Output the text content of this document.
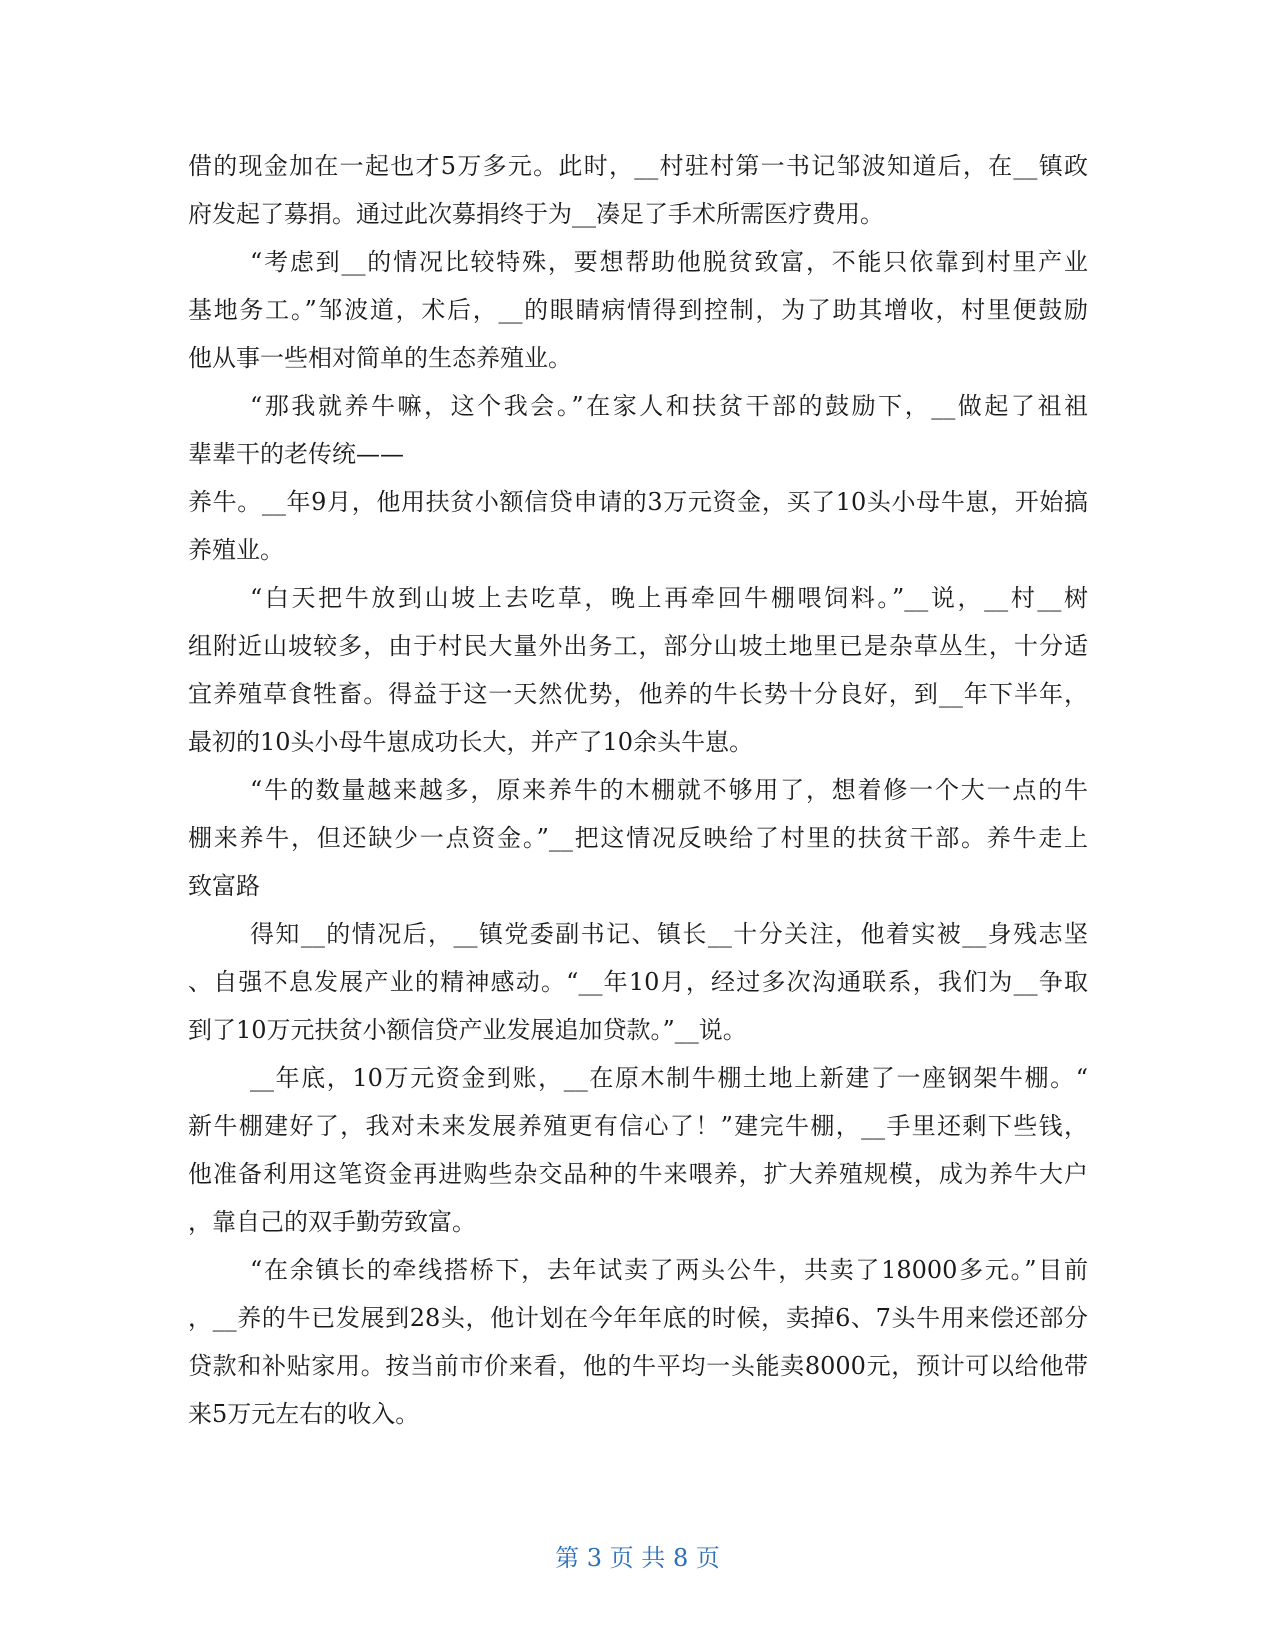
借的现金加在一起也才5万多元。此时，__村驻村第一书记邹波知道后，在__镇政
府发起了募捐。通过此次募捐终于为__凑足了手术所需医疗费用。
“考虑到__的情况比较特殊，要想帮助他脱贫致富，不能只依靠到村里产业
基地务工。”邹波道，术后，__的眼睛病情得到控制，为了助其增收，村里便鼓励
他从事一些相对简单的生态养殖业。
“那我就养牛嘛，这个我会。”在家人和扶贫干部的鼓励下，__做起了祖祖
辈辈干的老传统——
养牛。__年9月，他用扶贫小额信贷申请的3万元资金，买了10头小母牛崽，开始搞
养殖业。
“白天把牛放到山坡上去吃草，晚上再牵回牛棚喂饲料。”__说，__村__树
组附近山坡较多，由于村民大量外出务工，部分山坡土地里已是杂草丛生，十分适
宜养殖草食牲畜。得益于这一天然优势，他养的牛长势十分良好，到__年下半年，
最初的10头小母牛崽成功长大，并产了10余头牛崽。
“牛的数量越来越多，原来养牛的木棚就不够用了，想着修一个大一点的牛
棚来养牛，但还缺少一点资金。”__把这情况反映给了村里的扶贫干部。养牛走上
致富路
得知__的情况后，__镇党委副书记、镇长__十分关注，他着实被__身残志坚
、自强不息发展产业的精神感动。“__年10月，经过多次沟通联系，我们为__争取
到了10万元扶贫小额信贷产业发展追加贷款。”__说。
__年底，10万元资金到账，__在原木制牛棚土地上新建了一座钢架牛棚。“
新牛棚建好了，我对未来发展养殖更有信心了！”建完牛棚，__手里还剩下些钱，
他准备利用这笔资金再进购些杂交品种的牛来喂养，扩大养殖规模，成为养牛大户
，靠自己的双手勤劳致富。
“在余镇长的牵线搭桥下，去年试卖了两头公牛，共卖了18000多元。”目前
，__养的牛已发展到28头，他计划在今年年底的时候，卖掉6、7头牛用来偿还部分
贷款和补贴家用。按当前市价来看，他的牛平均一头能卖8000元，预计可以给他带
来5万元左右的收入。
第 3 页 共 8 页
